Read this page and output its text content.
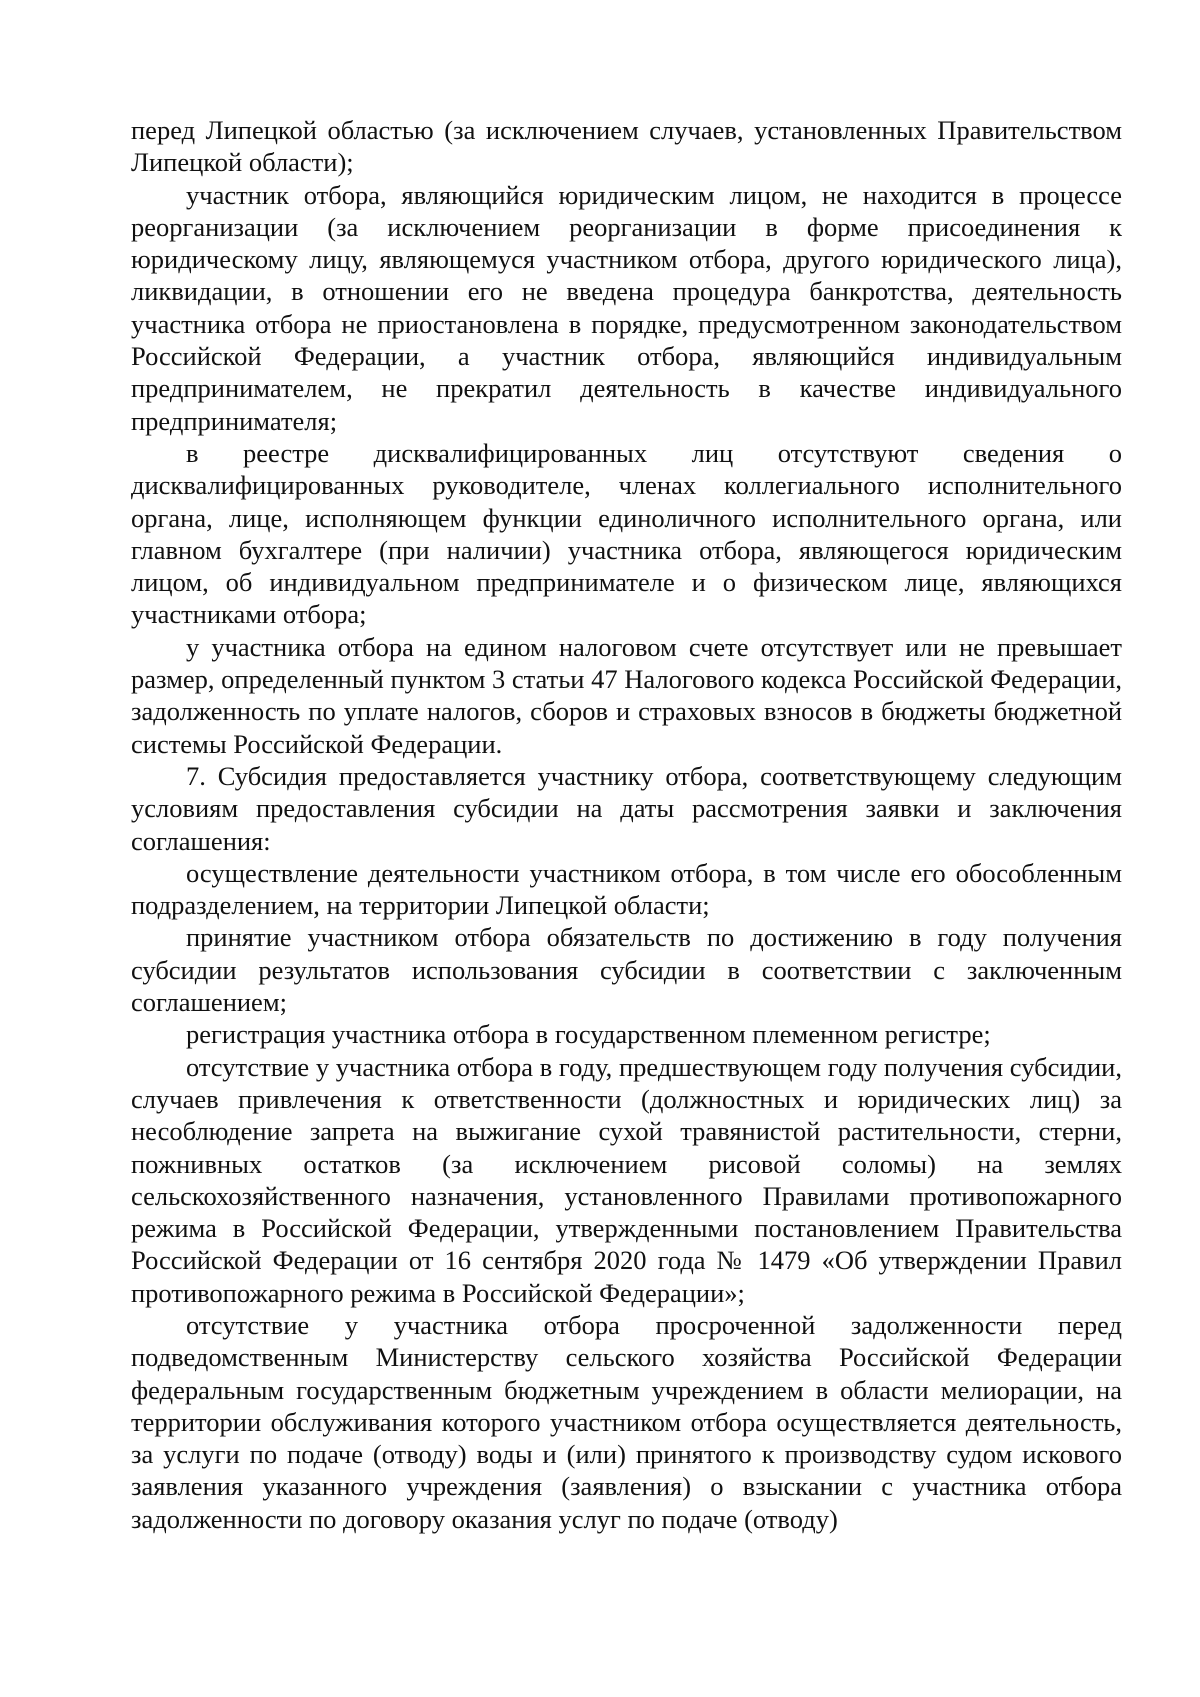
перед Липецкой областью (за исключением случаев, установленных Правительством Липецкой области);

участник отбора, являющийся юридическим лицом, не находится в процессе реорганизации (за исключением реорганизации в форме присоединения к юридическому лицу, являющемуся участником отбора, другого юридического лица), ликвидации, в отношении его не введена процедура банкротства, деятельность участника отбора не приостановлена в порядке, предусмотренном законодательством Российской Федерации, а участник отбора, являющийся индивидуальным предпринимателем, не прекратил деятельность в качестве индивидуального предпринимателя;

в реестре дисквалифицированных лиц отсутствуют сведения о дисквалифицированных руководителе, членах коллегиального исполнительного органа, лице, исполняющем функции единоличного исполнительного органа, или главном бухгалтере (при наличии) участника отбора, являющегося юридическим лицом, об индивидуальном предпринимателе и о физическом лице, являющихся участниками отбора;

у участника отбора на едином налоговом счете отсутствует или не превышает размер, определенный пунктом 3 статьи 47 Налогового кодекса Российской Федерации, задолженность по уплате налогов, сборов и страховых взносов в бюджеты бюджетной системы Российской Федерации.

7. Субсидия предоставляется участнику отбора, соответствующему следующим условиям предоставления субсидии на даты рассмотрения заявки и заключения соглашения:

осуществление деятельности участником отбора, в том числе его обособленным подразделением, на территории Липецкой области;

принятие участником отбора обязательств по достижению в году получения субсидии результатов использования субсидии в соответствии с заключенным соглашением;

регистрация участника отбора в государственном племенном регистре;

отсутствие у участника отбора в году, предшествующем году получения субсидии, случаев привлечения к ответственности (должностных и юридических лиц) за несоблюдение запрета на выжигание сухой травянистой растительности, стерни, пожнивных остатков (за исключением рисовой соломы) на землях сельскохозяйственного назначения, установленного Правилами противопожарного режима в Российской Федерации, утвержденными постановлением Правительства Российской Федерации от 16 сентября 2020 года № 1479 «Об утверждении Правил противопожарного режима в Российской Федерации»;

отсутствие у участника отбора просроченной задолженности перед подведомственным Министерству сельского хозяйства Российской Федерации федеральным государственным бюджетным учреждением в области мелиорации, на территории обслуживания которого участником отбора осуществляется деятельность, за услуги по подаче (отводу) воды и (или) принятого к производству судом искового заявления указанного учреждения (заявления) о взыскании с участника отбора задолженности по договору оказания услуг по подаче (отводу)
